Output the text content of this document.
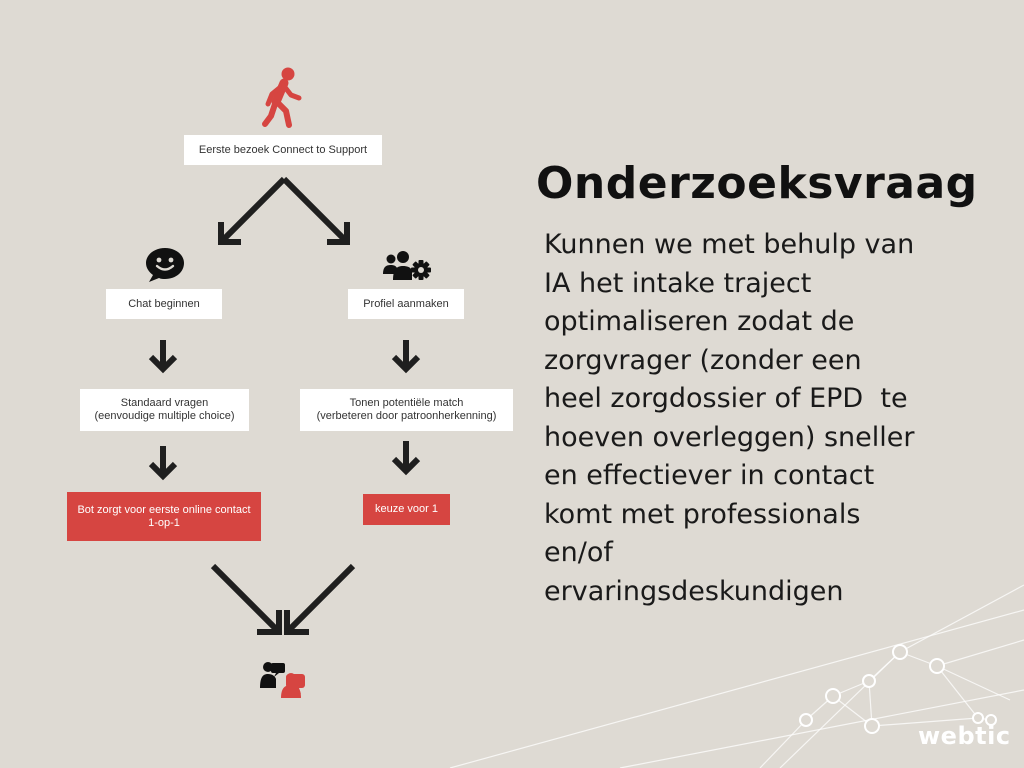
Eerste bezoek Connect to Support
Chat beginnen	Profiel aanmaken
Standaard vragen
(eenvoudige multiple choice)
Tonen potentiële match
(verbeteren door patroonherkenning)
Bot zorgt voor eerste online contact
1-op-1
keuze voor 1
Onderzoeksvraag
Kunnen we met behulp van
IA het intake traject
optimaliseren zodat de
zorgvrager (zonder een
heel zorgdossier of EPD  te
hoeven overleggen) sneller
en effectiever in contact
komt met professionals
en/of
ervaringsdeskundigen
webtic
